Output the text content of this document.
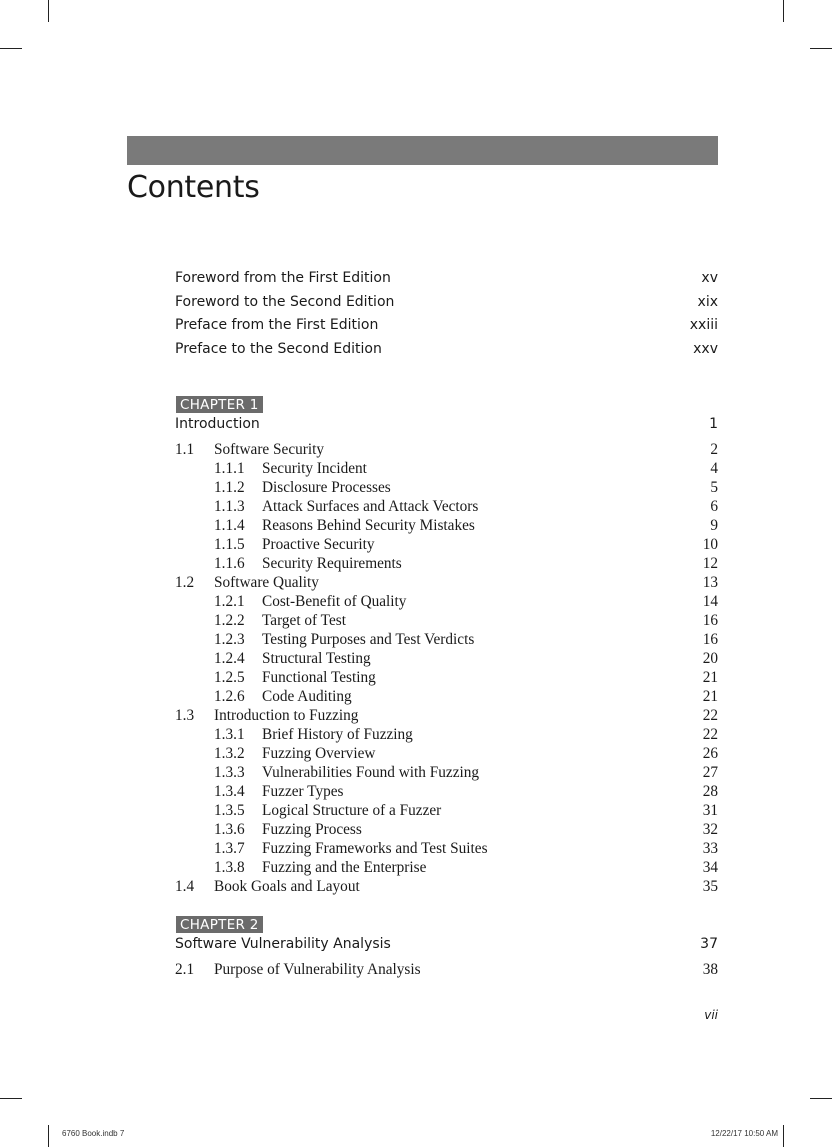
Contents
Foreword from the First Edition	xv
Foreword to the Second Edition	xix
Preface from the First Edition	xxiii
Preface to the Second Edition	xxv
CHAPTER 1
Introduction	1
1.1 Software Security	2
1.1.1 Security Incident	4
1.1.2 Disclosure Processes	5
1.1.3 Attack Surfaces and Attack Vectors	6
1.1.4 Reasons Behind Security Mistakes	9
1.1.5 Proactive Security	10
1.1.6 Security Requirements	12
1.2 Software Quality	13
1.2.1 Cost-Benefit of Quality	14
1.2.2 Target of Test	16
1.2.3 Testing Purposes and Test Verdicts	16
1.2.4 Structural Testing	20
1.2.5 Functional Testing	21
1.2.6 Code Auditing	21
1.3 Introduction to Fuzzing	22
1.3.1 Brief History of Fuzzing	22
1.3.2 Fuzzing Overview	26
1.3.3 Vulnerabilities Found with Fuzzing	27
1.3.4 Fuzzer Types	28
1.3.5 Logical Structure of a Fuzzer	31
1.3.6 Fuzzing Process	32
1.3.7 Fuzzing Frameworks and Test Suites	33
1.3.8 Fuzzing and the Enterprise	34
1.4 Book Goals and Layout	35
CHAPTER 2
Software Vulnerability Analysis	37
2.1 Purpose of Vulnerability Analysis	38
vii
6760 Book.indb 7	12/22/17 10:50 AM
